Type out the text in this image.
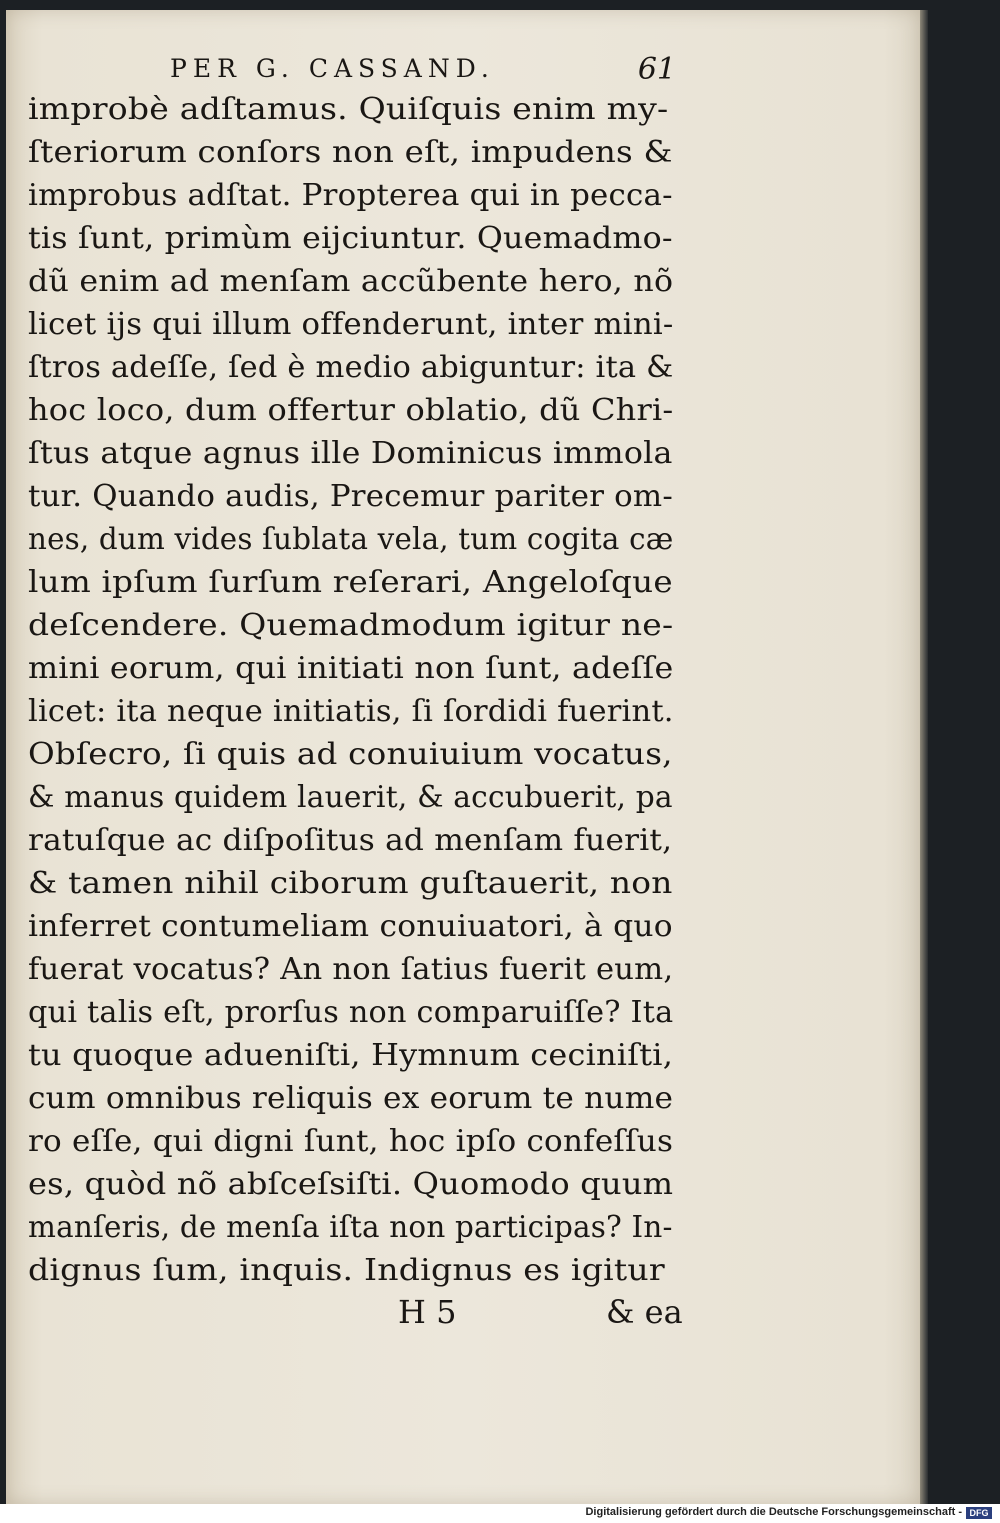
PER G. CASSAND.	61
improbè adſtamus. Quiſquis enim my-
ſteriorum conſors non eſt, impudens &
improbus adſtat. Propterea qui in pecca-
tis ſunt, primùm eijciuntur. Quemadmo-
dũ enim ad menſam accũbente hero, nõ
licet ijs qui illum offenderunt, inter mini-
ſtros adeſſe, ſed è medio abiguntur: ita &
hoc loco, dum offertur oblatio, dũ Chri-
ſtus atque agnus ille Dominicus immola
tur. Quando audis, Precemur pariter om-
nes, dum vides ſublata vela, tum cogita cæ
lum ipſum ſurſum reſerari, Angeloſque
deſcendere. Quemadmodum igitur ne-
mini eorum, qui initiati non ſunt, adeſſe
licet: ita neque initiatis, ſi ſordidi fuerint.
Obſecro, ſi quis ad conuiuium vocatus,
& manus quidem lauerit, & accubuerit, pa
ratuſque ac diſpoſitus ad menſam fuerit,
& tamen nihil ciborum guſtauerit, non
inferret contumeliam conuiuatori, à quo
fuerat vocatus? An non ſatius fuerit eum,
qui talis eſt, prorſus non comparuiſſe? Ita
tu quoque adueniſti, Hymnum ceciniſti,
cum omnibus reliquis ex eorum te nume
ro eſſe, qui digni ſunt, hoc ipſo confeſſus
es, quòd nõ abſceſsiſti. Quomodo quum
manſeris, de menſa iſta non participas? In-
dignus ſum, inquis. Indignus es igitur
H 5	& ea
Digitalisierung gefördert durch die Deutsche Forschungsgemeinschaft - DFG
